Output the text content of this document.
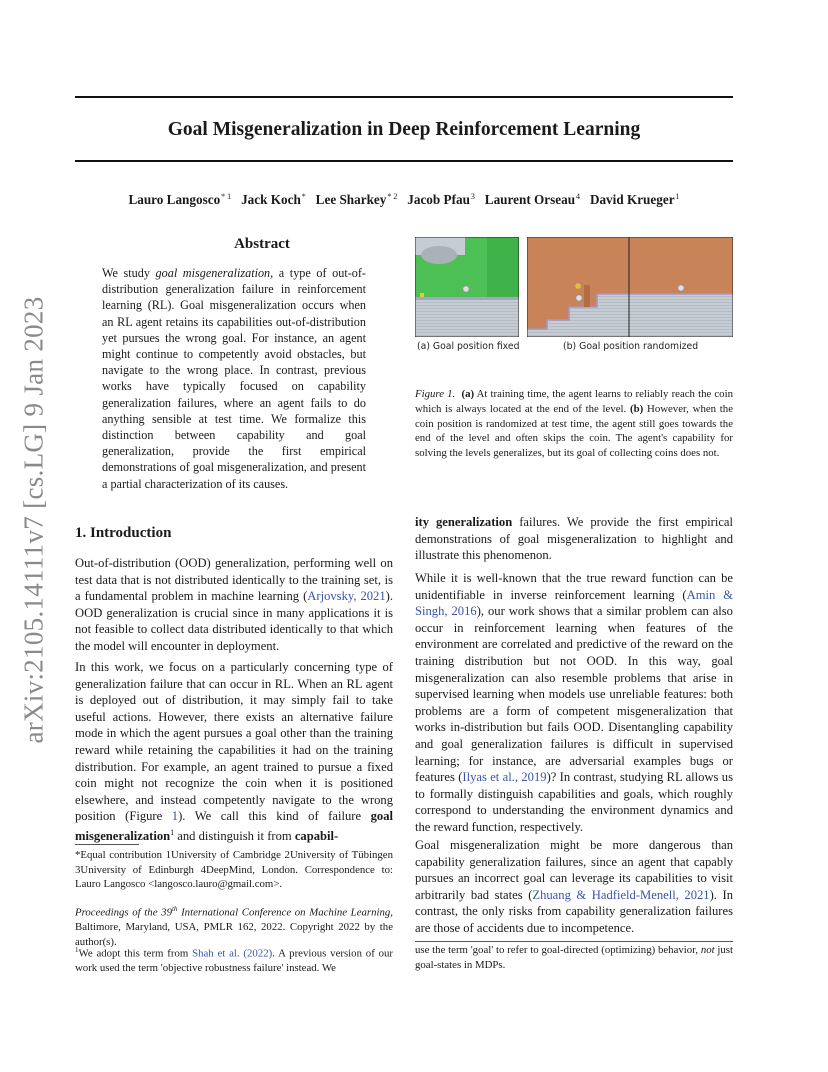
arXiv:2105.14111v7 [cs.LG] 9 Jan 2023
Goal Misgeneralization in Deep Reinforcement Learning
Lauro Langosco$^{* 1}$ Jack Koch* Lee Sharkey$^{* 2}$ Jacob Pfau$^3$ Laurent Orseau$^4$ David Krueger$^1$
Abstract
We study goal misgeneralization, a type of out-of-distribution generalization failure in reinforcement learning (RL). Goal misgeneralization occurs when an RL agent retains its capabilities out-of-distribution yet pursues the wrong goal. For instance, an agent might continue to competently avoid obstacles, but navigate to the wrong place. In contrast, previous works have typically focused on capability generalization failures, where an agent fails to do anything sensible at test time. We formalize this distinction between capability and goal generalization, provide the first empirical demonstrations of goal misgeneralization, and present a partial characterization of its causes.
(a) Goal position fixed	(b) Goal position randomized
Figure 1. (a) At training time, the agent learns to reliably reach the coin which is always located at the end of the level. (b) However, when the coin position is randomized at test time, the agent still goes towards the end of the level and often skips the coin. The agent's capability for solving the levels generalizes, but its goal of collecting coins does not.
1. Introduction

Out-of-distribution (OOD) generalization, performing well on test data that is not distributed identically to the training set, is a fundamental problem in machine learning (Arjovsky, 2021). OOD generalization is crucial since in many applications it is not feasible to collect data distributed identically to that which the model will encounter in deployment.

In this work, we focus on a particularly concerning type of generalization failure that can occur in RL. When an RL agent is deployed out of distribution, it may simply fail to take useful actions. However, there exists an alternative failure mode in which the agent pursues a goal other than the training reward while retaining the capabilities it had on the training distribution. For example, an agent trained to pursue a fixed coin might not recognize the coin when it is positioned elsewhere, and instead competently navigate to the wrong position (Figure 1). We call this kind of failure goal misgeneralization$^1$ and distinguish it from capabil-

*Equal contribution 1University of Cambridge 2University of Tübingen 3University of Edinburgh 4DeepMind, London. Correspondence to: Lauro Langosco <langosco.lauro@gmail.com>.
Proceedings of the 39th International Conference on Machine Learning, Baltimore, Maryland, USA, PMLR 162, 2022. Copyright 2022 by the author(s).
$^1$We adopt this term from Shah et al. (2022). A previous version of our work used the term 'objective robustness failure' instead. We

ity generalization failures. We provide the first empirical demonstrations of goal misgeneralization to highlight and illustrate this phenomenon.

While it is well-known that the true reward function can be unidentifiable in inverse reinforcement learning (Amin & Singh, 2016), our work shows that a similar problem can also occur in reinforcement learning when features of the environment are correlated and predictive of the reward on the training distribution but not OOD. In this way, goal misgeneralization can also resemble problems that arise in supervised learning when models use unreliable features: both problems are a form of competent misgeneralization that works in-distribution but fails OOD. Disentangling capability and goal generalization failures is difficult in supervised learning; for instance, are adversarial examples bugs or features (Ilyas et al., 2019)? In contrast, studying RL allows us to formally distinguish capabilities and goals, which roughly correspond to understanding the environment dynamics and the reward function, respectively.

Goal misgeneralization might be more dangerous than capability generalization failures, since an agent that capably pursues an incorrect goal can leverage its capabilities to visit arbitrarily bad states (Zhuang & Hadfield-Menell, 2021). In contrast, the only risks from capability generalization failures are those of accidents due to incompetence.

use the term 'goal' to refer to goal-directed (optimizing) behavior, not just goal-states in MDPs.
